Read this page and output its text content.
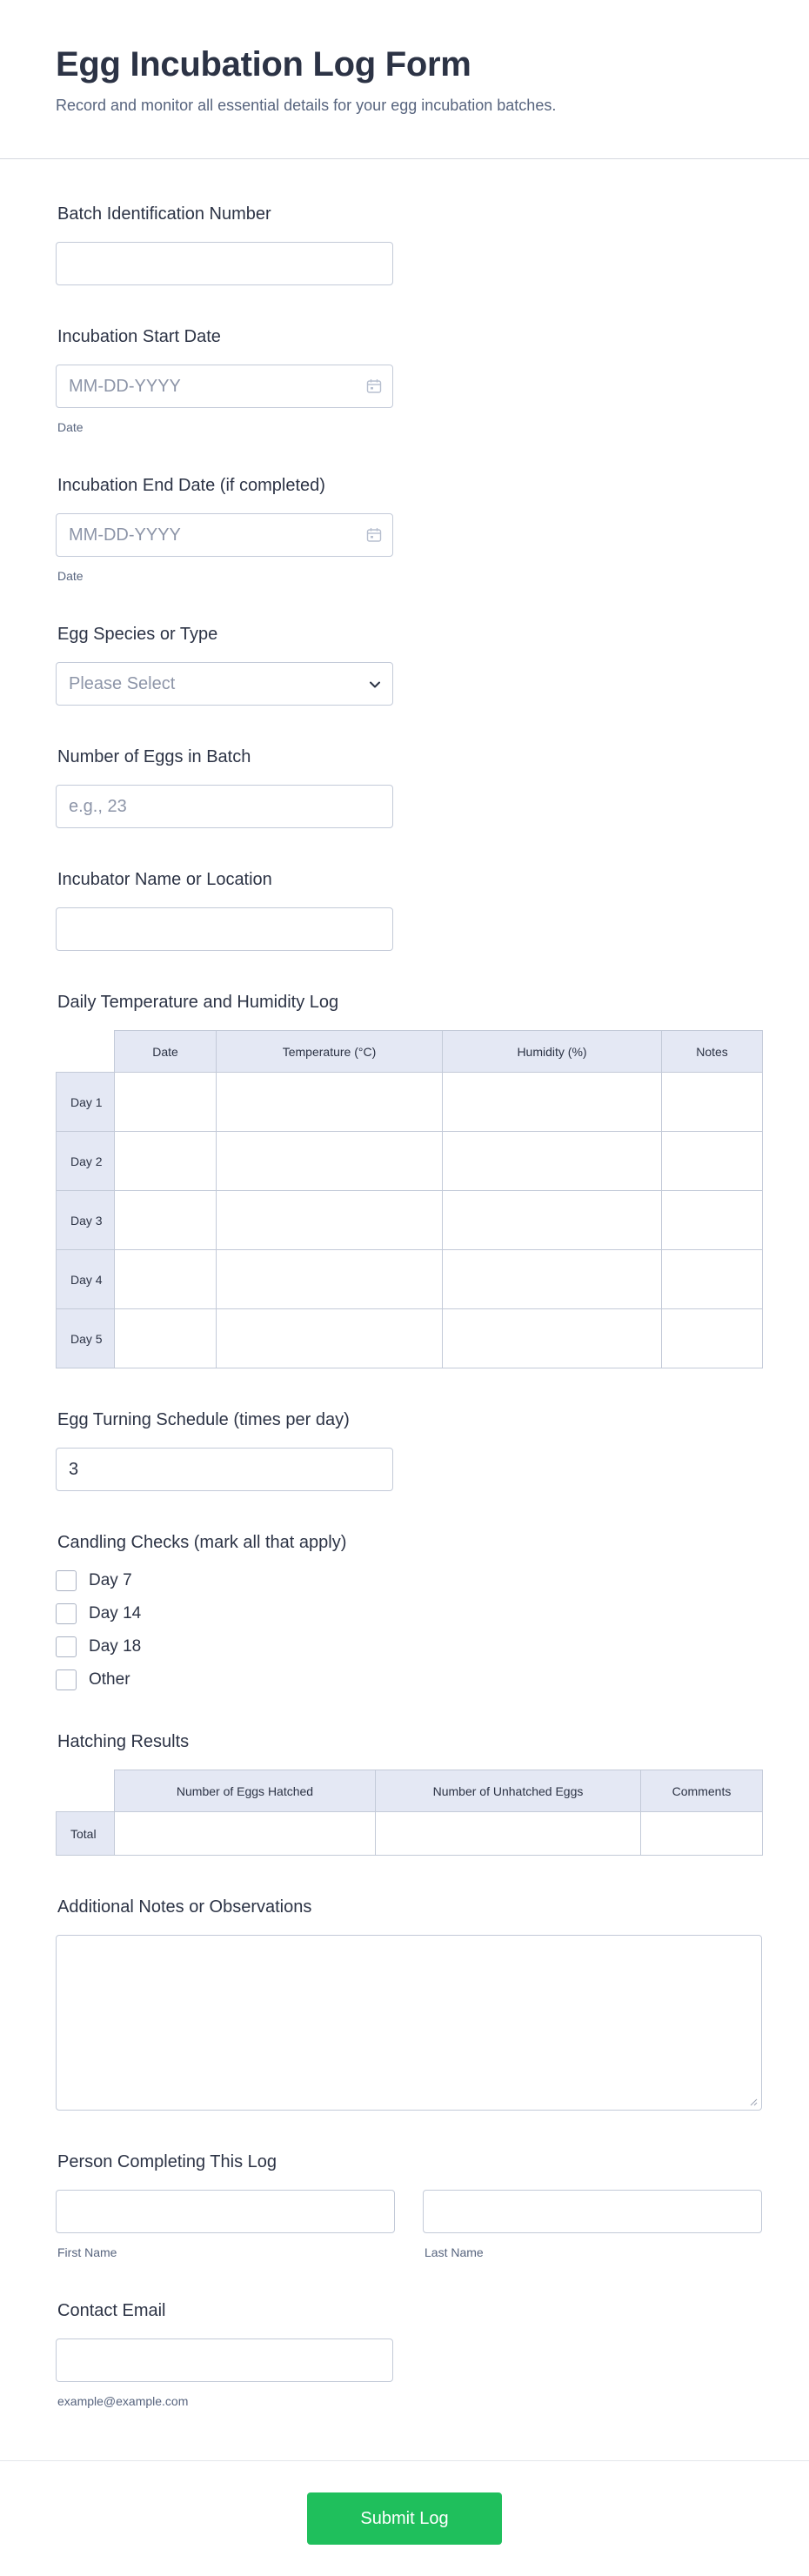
Egg Incubation Log Form

Record and monitor all essential details for your egg incubation batches.

Batch Identification Number
Incubation Start Date
MM-DD-YYYY
Date
Incubation End Date (if completed)
MM-DD-YYYY
Date
Egg Species or Type
Please Select
Number of Eggs in Batch
e.g., 23
Incubator Name or Location
Daily Temperature and Humidity Log
	Date	Temperature (°C)	Humidity (%)	Notes
Day 1				
Day 2				
Day 3				
Day 4				
Day 5				
Egg Turning Schedule (times per day)
3
Candling Checks (mark all that apply)
Day 7
Day 14
Day 18
Other
Hatching Results
	Number of Eggs Hatched	Number of Unhatched Eggs	Comments
Total			
Additional Notes or Observations
Person Completing This Log
First Name	Last Name
Contact Email
example@example.com
Submit Log
